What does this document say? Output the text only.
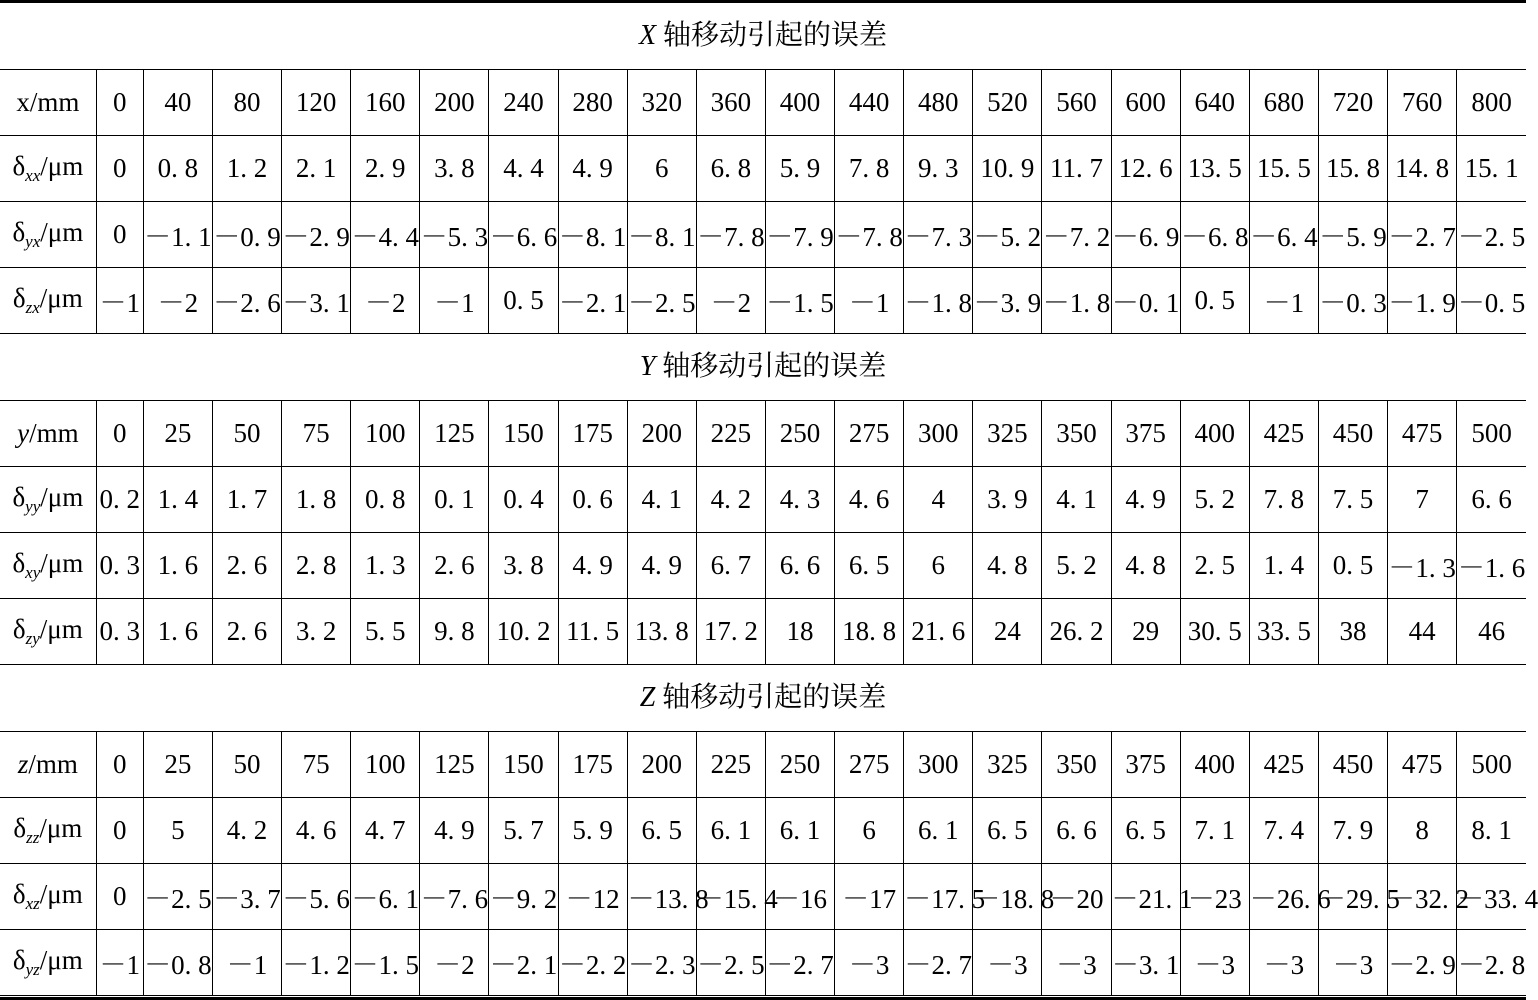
X 轴移动引起的误差
x/mm	0	40	80	120	160	200	240	280	320	360	400	440	480	520	560	600	640	680	720	760	800
$\delta_{xx}/\mu m$	0	0. 8	1. 2	2. 1	2. 9	3. 8	4. 4	4. 9	6	6. 8	5. 9	7. 8	9. 3	10. 9	11. 7	12. 6	13. 5	15. 5	15. 8	14. 8	15. 1
$\delta_{yx}/\mu m$	0	－1. 1	－0. 9	－2. 9	－4. 4	－5. 3	－6. 6	－8. 1	－8. 1	－7. 8	－7. 9	－7. 8	－7. 3	－5. 2	－7. 2	－6. 9	－6. 8	－6. 4	－5. 9	－2. 7	－2. 5
$\delta_{zx}/\mu m$	－1	－2	－2. 6	－3. 1	－2	－1	0. 5	－2. 1	－2. 5	－2	－1. 5	－1	－1. 8	－3. 9	－1. 8	－0. 1	0. 5	－1	－0. 3	－1. 9	－0. 5
Y 轴移动引起的误差
y/mm	0	25	50	75	100	125	150	175	200	225	250	275	300	325	350	375	400	425	450	475	500
$\delta_{yy}/\mu m$	0. 2	1. 4	1. 7	1. 8	0. 8	0. 1	0. 4	0. 6	4. 1	4. 2	4. 3	4. 6	4	3. 9	4. 1	4. 9	5. 2	7. 8	7. 5	7	6. 6
$\delta_{xy}/\mu m$	0. 3	1. 6	2. 6	2. 8	1. 3	2. 6	3. 8	4. 9	4. 9	6. 7	6. 6	6. 5	6	4. 8	5. 2	4. 8	2. 5	1. 4	0. 5	－1. 3	－1. 6
$\delta_{zy}/\mu m$	0. 3	1. 6	2. 6	3. 2	5. 5	9. 8	10. 2	11. 5	13. 8	17. 2	18	18. 8	21. 6	24	26. 2	29	30. 5	33. 5	38	44	46
Z 轴移动引起的误差
z/mm	0	25	50	75	100	125	150	175	200	225	250	275	300	325	350	375	400	425	450	475	500
$\delta_{zz}/\mu m$	0	5	4. 2	4. 6	4. 7	4. 9	5. 7	5. 9	6. 5	6. 1	6. 1	6	6. 1	6. 5	6. 6	6. 5	7. 1	7. 4	7. 9	8	8. 1
$\delta_{xz}/\mu m$	0	－2. 5	－3. 7	－5. 6	－6. 1	－7. 6	－9. 2	－12	－13. 8	－15. 4	－16	－17	－17. 5	－18. 8	－20	－21. 1	－23	－26. 6	－29. 5	－32. 2	－33. 4
$\delta_{yz}/\mu m$	－1	－0. 8	－1	－1. 2	－1. 5	－2	－2. 1	－2. 2	－2. 3	－2. 5	－2. 7	－3	－2. 7	－3	－3	－3. 1	－3	－3	－3	－2. 9	－2. 8
